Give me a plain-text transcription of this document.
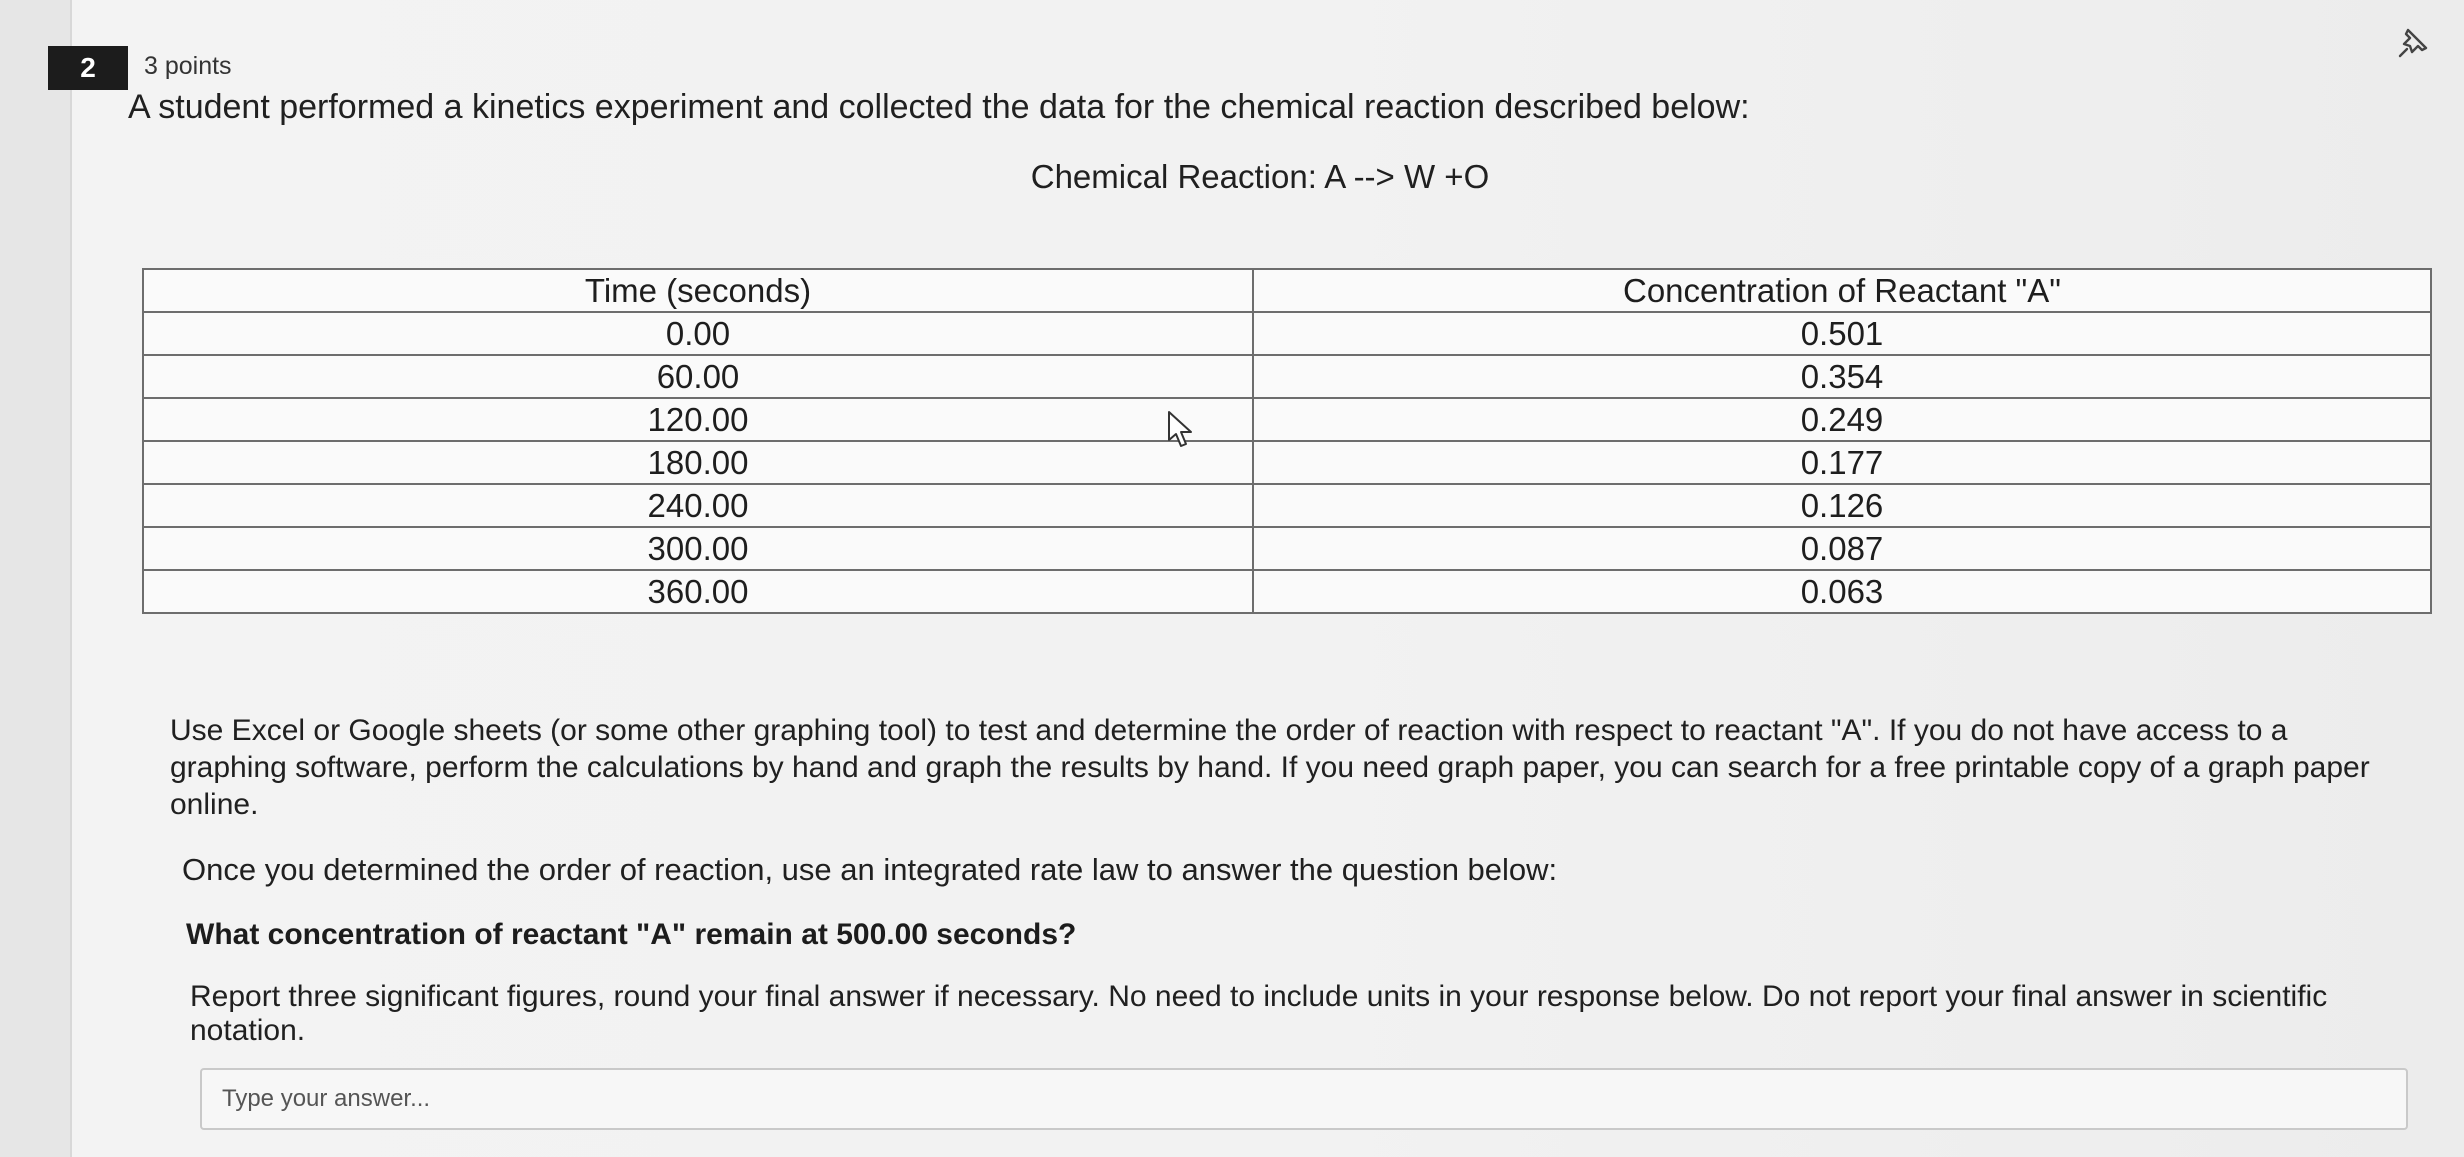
2	3 points
A student performed a kinetics experiment and collected the data for the chemical reaction described below:
Chemical Reaction: A --> W +O
Time (seconds)	Concentration of Reactant "A"
0.00	0.501
60.00	0.354
120.00	0.249
180.00	0.177
240.00	0.126
300.00	0.087
360.00	0.063
Use Excel or Google sheets (or some other graphing tool) to test and determine the order of reaction with respect to reactant "A". If you do not have access to a graphing software, perform the calculations by hand and graph the results by hand. If you need graph paper, you can search for a free printable copy of a graph paper online.
Once you determined the order of reaction, use an integrated rate law to answer the question below:
What concentration of reactant "A" remain at 500.00 seconds?
Report three significant figures, round your final answer if necessary. No need to include units in your response below. Do not report your final answer in scientific notation.
Type your answer...
